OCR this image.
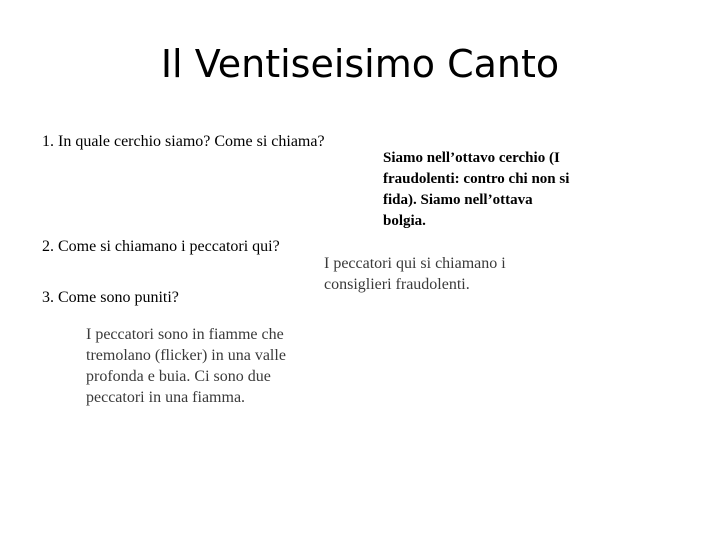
Il Ventiseisimo Canto
1. In quale cerchio siamo? Come si chiama?
2. Come si chiamano i peccatori qui?
3. Come sono puniti?
Siamo nell’ottavo cerchio (I
fraudolenti: contro chi non si
fida). Siamo nell’ottava
bolgia.
I peccatori qui si chiamano i
consiglieri fraudolenti.
I peccatori sono in fiamme che
tremolano (flicker) in una valle
profonda e buia. Ci sono due
peccatori in una fiamma.
